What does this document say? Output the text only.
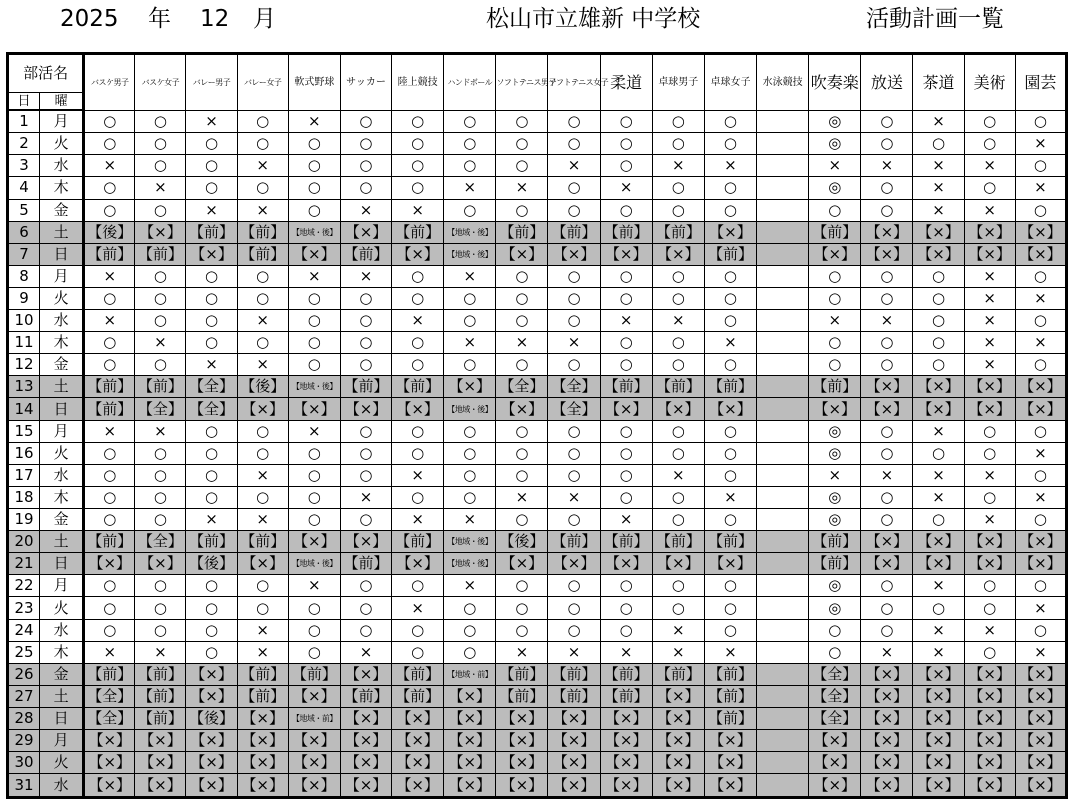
2025 年 12 月	松山市立雄新 中学校	活動計画一覧
部活名		バスケ男子	バスケ女子	バレー男子	バレー女子	軟式野球	サッカー	陸上競技	ハンドボール	ソフトテニス男子	ソフトテニス女子	柔道	卓球男子	卓球女子	水泳競技	吹奏楽	放送	茶道	美術	園芸
日	曜																			
1	月	○	○	×	○	×	○	○	○	○	○	○	○	○		◎	○	×	○	○
2	火	○	○	○	○	○	○	○	○	○	○	○	○	○		◎	○	○	○	×
3	水	×	○	○	×	○	○	○	○	○	×	○	×	×		×	×	×	×	○
4	木	○	×	○	○	○	○	○	×	×	○	×	○	○		◎	○	×	○	×
5	金	○	○	×	×	○	×	×	○	○	○	○	○	○		○	○	×	×	○
6	土	【後】	【×】	【前】	【前】	【地域・後】	【×】	【前】	【地域・後】	【前】	【前】	【前】	【前】	【×】		【前】	【×】	【×】	【×】	【×】
7	日	【前】	【前】	【×】	【前】	【×】	【前】	【×】	【地域・後】	【×】	【×】	【×】	【×】	【前】		【×】	【×】	【×】	【×】	【×】
8	月	×	○	○	○	×	×	○	×	○	○	○	○	○		○	○	○	×	○
9	火	○	○	○	○	○	○	○	○	○	○	○	○	○		○	○	○	×	×
10	水	×	○	○	×	○	○	×	○	○	○	×	×	○		×	×	○	×	○
11	木	○	×	○	○	○	○	○	×	×	×	○	○	×		○	○	○	×	×
12	金	○	○	×	×	○	○	○	○	○	○	○	○	○		○	○	○	×	○
13	土	【前】	【前】	【全】	【後】	【地域・後】	【前】	【前】	【×】	【全】	【全】	【前】	【前】	【前】		【前】	【×】	【×】	【×】	【×】
14	日	【前】	【全】	【全】	【×】	【×】	【×】	【×】	【地域・後】	【×】	【全】	【×】	【×】	【×】		【×】	【×】	【×】	【×】	【×】
15	月	×	×	○	○	×	○	○	○	○	○	○	○	○		◎	○	×	○	○
16	火	○	○	○	○	○	○	○	○	○	○	○	○	○		◎	○	○	○	×
17	水	○	○	○	×	○	○	×	○	○	○	○	×	○		×	×	×	×	○
18	木	○	○	○	○	○	×	○	○	×	×	○	○	×		◎	○	×	○	×
19	金	○	○	×	×	○	○	×	×	○	○	×	○	○		◎	○	○	×	○
20	土	【前】	【全】	【前】	【前】	【×】	【×】	【前】	【地域・後】	【後】	【前】	【前】	【前】	【前】		【前】	【×】	【×】	【×】	【×】
21	日	【×】	【×】	【後】	【×】	【地域・後】	【前】	【×】	【地域・後】	【×】	【×】	【×】	【×】	【×】		【前】	【×】	【×】	【×】	【×】
22	月	○	○	○	○	×	○	○	×	○	○	○	○	○		◎	○	×	○	○
23	火	○	○	○	○	○	○	×	○	○	○	○	○	○		◎	○	○	○	×
24	水	○	○	○	×	○	○	○	○	○	○	○	×	○		○	○	×	×	○
25	木	×	×	○	×	○	×	○	○	×	×	×	×	×		○	×	×	○	×
26	金	【前】	【前】	【×】	【前】	【前】	【×】	【前】	【地域・前】	【前】	【前】	【前】	【前】	【前】		【全】	【×】	【×】	【×】	【×】
27	土	【全】	【前】	【×】	【前】	【×】	【前】	【前】	【×】	【前】	【前】	【前】	【×】	【前】		【全】	【×】	【×】	【×】	【×】
28	日	【全】	【前】	【後】	【×】	【地域・前】	【×】	【×】	【×】	【×】	【×】	【×】	【×】	【前】		【全】	【×】	【×】	【×】	【×】
29	月	【×】	【×】	【×】	【×】	【×】	【×】	【×】	【×】	【×】	【×】	【×】	【×】	【×】		【×】	【×】	【×】	【×】	【×】
30	火	【×】	【×】	【×】	【×】	【×】	【×】	【×】	【×】	【×】	【×】	【×】	【×】	【×】		【×】	【×】	【×】	【×】	【×】
31	水	【×】	【×】	【×】	【×】	【×】	【×】	【×】	【×】	【×】	【×】	【×】	【×】	【×】		【×】	【×】	【×】	【×】	【×】
